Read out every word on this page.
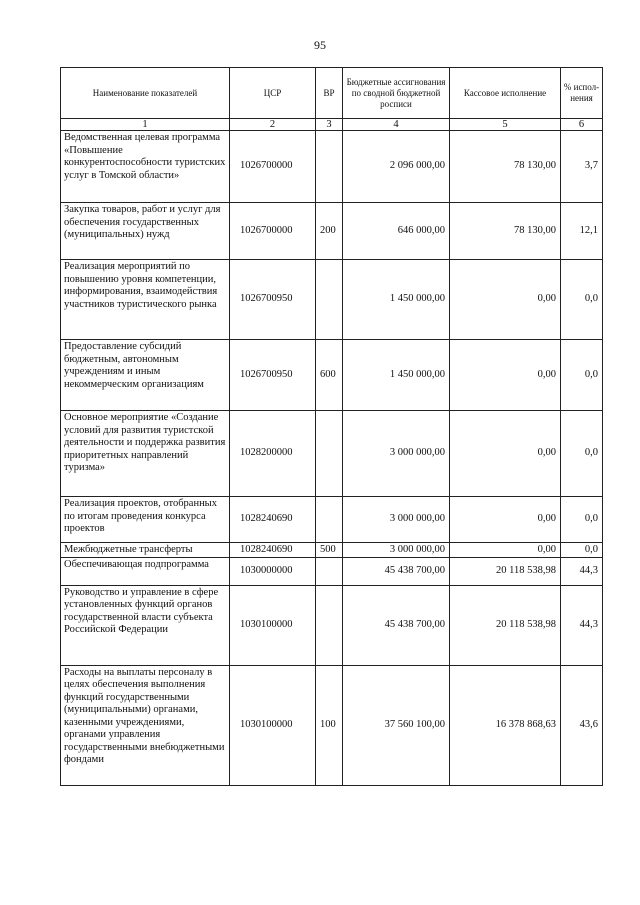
95
Наименование показателей	ЦСР	ВР	Бюджетные ассигнования по сводной бюджетной росписи	Кассовое исполнение	% испол-нения
1	2	3	4	5	6
Ведомственная целевая программа «Повышение конкурентоспособности туристских услуг в Томской области»	1026700000		2 096 000,00	78 130,00	3,7
Закупка товаров, работ и услуг для обеспечения государственных (муниципальных) нужд	1026700000	200	646 000,00	78 130,00	12,1
Реализация мероприятий по повышению уровня компетенции, информирования, взаимодействия участников туристического рынка	1026700950		1 450 000,00	0,00	0,0
Предоставление субсидий бюджетным, автономным учреждениям и иным некоммерческим организациям	1026700950	600	1 450 000,00	0,00	0,0
Основное мероприятие «Создание условий для развития туристской деятельности и поддержка развития приоритетных направлений туризма»	1028200000		3 000 000,00	0,00	0,0
Реализация проектов, отобранных по итогам проведения конкурса проектов	1028240690		3 000 000,00	0,00	0,0
Межбюджетные трансферты	1028240690	500	3 000 000,00	0,00	0,0
Обеспечивающая подпрограмма	1030000000		45 438 700,00	20 118 538,98	44,3
Руководство и управление в сфере установленных функций органов государственной власти субъекта Российской Федерации	1030100000		45 438 700,00	20 118 538,98	44,3
Расходы на выплаты персоналу в целях обеспечения выполнения функций государственными (муниципальными) органами, казенными учреждениями, органами управления государственными внебюджетными фондами	1030100000	100	37 560 100,00	16 378 868,63	43,6
